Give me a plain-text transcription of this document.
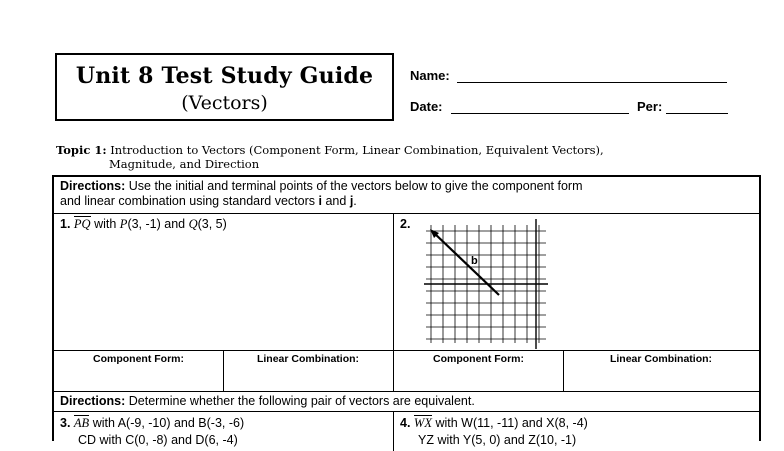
Unit 8 Test Study Guide
(Vectors)
Name:
Date:	Per:
Topic 1: Introduction to Vectors (Component Form, Linear Combination, Equivalent Vectors),
Magnitude, and Direction
Directions: Use the initial and terminal points of the vectors below to give the component form
and linear combination using standard vectors i and j.
1. PQ with P(3, -1) and Q(3, 5)	2.
b
Component Form:	Linear Combination:	Component Form:	Linear Combination:
Directions: Determine whether the following pair of vectors are equivalent.
3. AB with A(-9, -10) and B(-3, -6)
CD with C(0, -8) and D(6, -4)
4. WX with W(11, -11) and X(8, -4)
YZ with Y(5, 0) and Z(10, -1)
